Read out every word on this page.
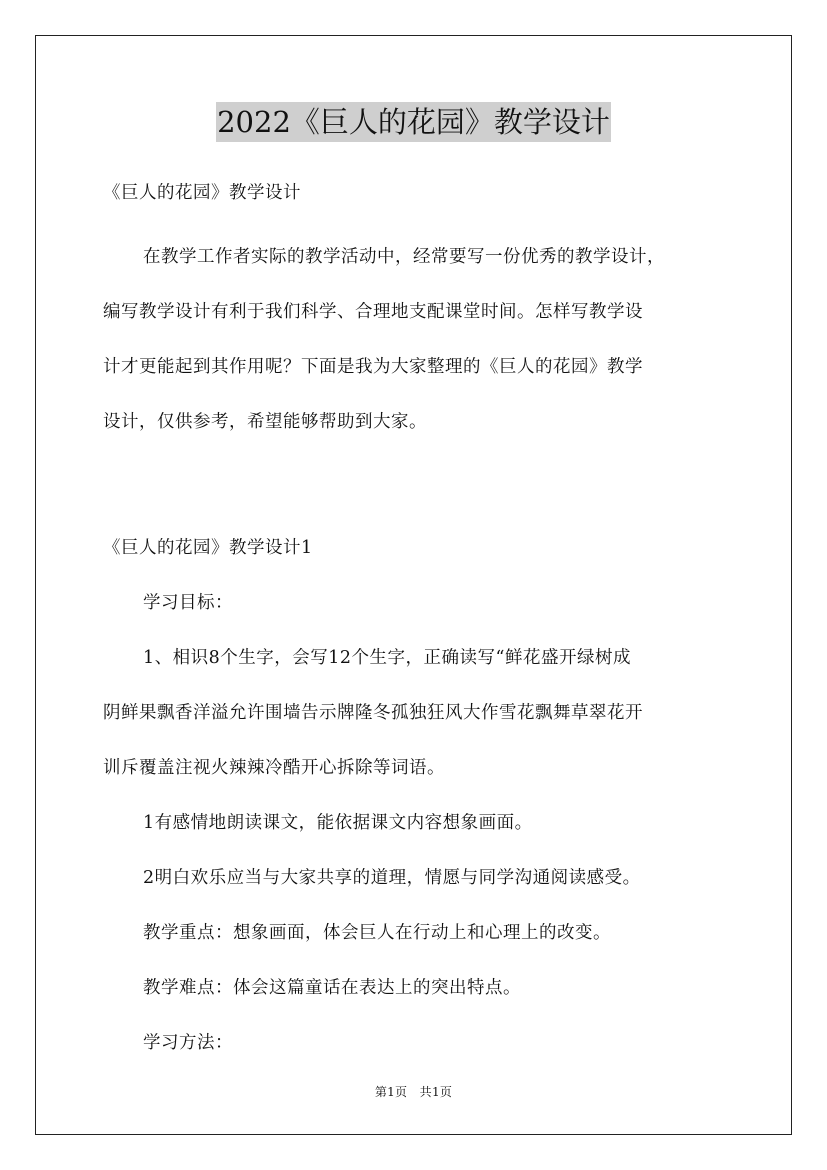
2022《巨人的花园》教学设计

《巨人的花园》教学设计

在教学工作者实际的教学活动中，经常要写一份优秀的教学设计，

编写教学设计有利于我们科学、合理地支配课堂时间。怎样写教学设

计才更能起到其作用呢？下面是我为大家整理的《巨人的花园》教学

设计，仅供参考，希望能够帮助到大家。

《巨人的花园》教学设计1

学习目标：

1、相识8个生字，会写12个生字，正确读写“鲜花盛开绿树成

阴鲜果飘香洋溢允许围墙告示牌隆冬孤独狂风大作雪花飘舞草翠花开

训斥覆盖注视火辣辣冷酷开心拆除等词语。

1有感情地朗读课文，能依据课文内容想象画面。

2明白欢乐应当与大家共享的道理，情愿与同学沟通阅读感受。

教学重点：想象画面，体会巨人在行动上和心理上的改变。

教学难点：体会这篇童话在表达上的突出特点。

学习方法：

第1页　共1页
